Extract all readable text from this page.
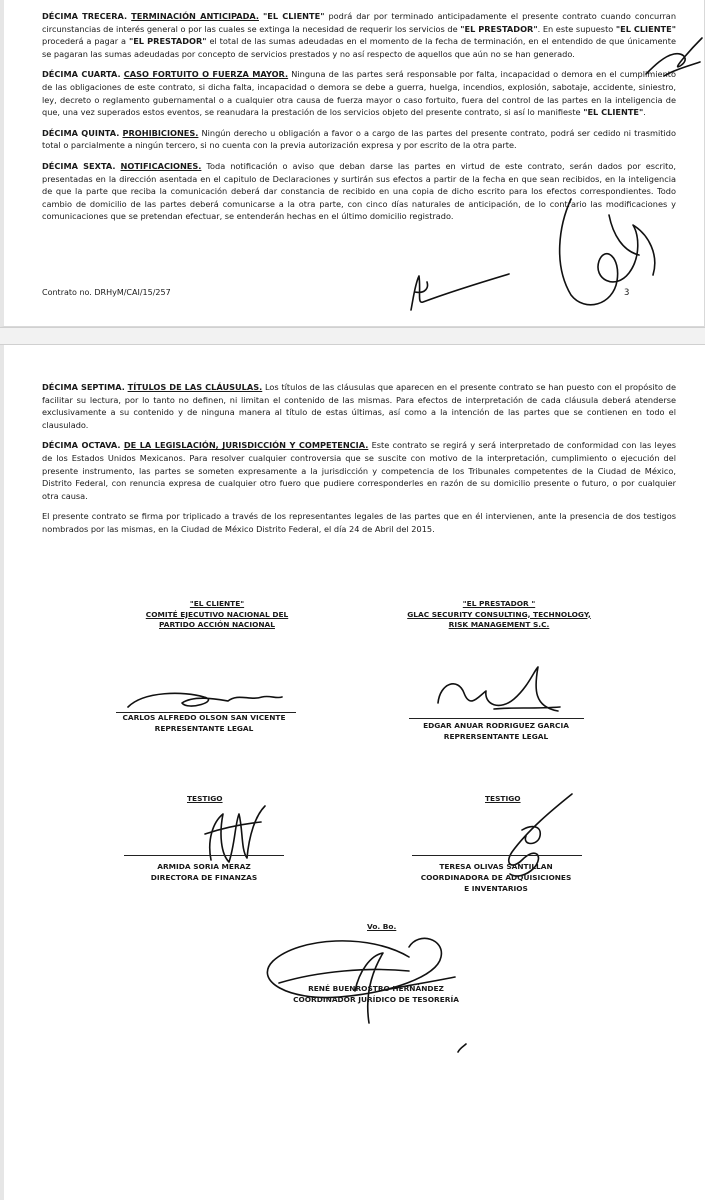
DÉCIMA TRECERA. TERMINACIÓN ANTICIPADA. "EL CLIENTE" podrá dar por terminado anticipadamente el presente contrato cuando concurran circunstancias de interés general o por las cuales se extinga la necesidad de requerir los servicios de "EL PRESTADOR". En este supuesto "EL CLIENTE" procederá a pagar a "EL PRESTADOR" el total de las sumas adeudadas en el momento de la fecha de terminación, en el entendido de que únicamente se pagaran las sumas adeudadas por concepto de servicios prestados y no así respecto de aquellos que aún no se han generado.

DÉCIMA CUARTA. CASO FORTUITO O FUERZA MAYOR. Ninguna de las partes será responsable por falta, incapacidad o demora en el cumplimiento de las obligaciones de este contrato, si dicha falta, incapacidad o demora se debe a guerra, huelga, incendios, explosión, sabotaje, accidente, siniestro, ley, decreto o reglamento gubernamental o a cualquier otra causa de fuerza mayor o caso fortuito, fuera del control de las partes en la inteligencia de que, una vez superados estos eventos, se reanudara la prestación de los servicios objeto del presente contrato, si así lo manifieste "EL CLIENTE".

DÉCIMA QUINTA. PROHIBICIONES. Ningún derecho u obligación a favor o a cargo de las partes del presente contrato, podrá ser cedido ni trasmitido total o parcialmente a ningún tercero, si no cuenta con la previa autorización expresa y por escrito de la otra parte.

DÉCIMA SEXTA. NOTIFICACIONES. Toda notificación o aviso que deban darse las partes en virtud de este contrato, serán dados por escrito, presentadas en la dirección asentada en el capitulo de Declaraciones y surtirán sus efectos a partir de la fecha en que sean recibidos, en la inteligencia de que la parte que reciba la comunicación deberá dar constancia de recibido en una copia de dicho escrito para los efectos correspondientes. Todo cambio de domicilio de las partes deberá comunicarse a la otra parte, con cinco días naturales de anticipación, de lo contrario las modificaciones y comunicaciones que se pretendan efectuar, se entenderán hechas en el último domicilio registrado.

Contrato no. DRHyM/CAI/15/257	3

DÉCIMA SEPTIMA. TÍTULOS DE LAS CLÁUSULAS. Los títulos de las cláusulas que aparecen en el presente contrato se han puesto con el propósito de facilitar su lectura, por lo tanto no definen, ni limitan el contenido de las mismas. Para efectos de interpretación de cada cláusula deberá atenderse exclusivamente a su contenido y de ninguna manera al título de estas últimas, así como a la intención de las partes que se contienen en todo el clausulado.

DÉCIMA OCTAVA. DE LA LEGISLACIÓN, JURISDICCIÓN Y COMPETENCIA. Este contrato se regirá y será interpretado de conformidad con las leyes de los Estados Unidos Mexicanos. Para resolver cualquier controversia que se suscite con motivo de la interpretación, cumplimiento o ejecución del presente instrumento, las partes se someten expresamente a la jurisdicción y competencia de los Tribunales competentes de la Ciudad de México, Distrito Federal, con renuncia expresa de cualquier otro fuero que pudiere corresponderles en razón de su domicilio presente o futuro, o por cualquier otra causa.

El presente contrato se firma por triplicado a través de los representantes legales de las partes que en él intervienen, ante la presencia de dos testigos nombrados por las mismas, en la Ciudad de México Distrito Federal, el día 24 de Abril del 2015.

"EL CLIENTE"
COMITÉ EJECUTIVO NACIONAL DEL
PARTIDO ACCIÓN NACIONAL
"EL PRESTADOR "
GLAC SECURITY CONSULTING, TECHNOLOGY,
RISK MANAGEMENT S.C.
CARLOS ALFREDO OLSON SAN VICENTE
REPRESENTANTE LEGAL	EDGAR ANUAR RODRIGUEZ GARCIA
REPRERSENTANTE LEGAL
TESTIGO	TESTIGO
ARMIDA SORIA MERAZ
DIRECTORA DE FINANZAS
TERESA OLIVAS SANTILLAN
COORDINADORA DE ADQUISICIONES
E INVENTARIOS
Vo. Bo.
RENÉ BUENROSTRO HERNÁNDEZ
COORDINADOR JURÍDICO DE TESORERÍA
